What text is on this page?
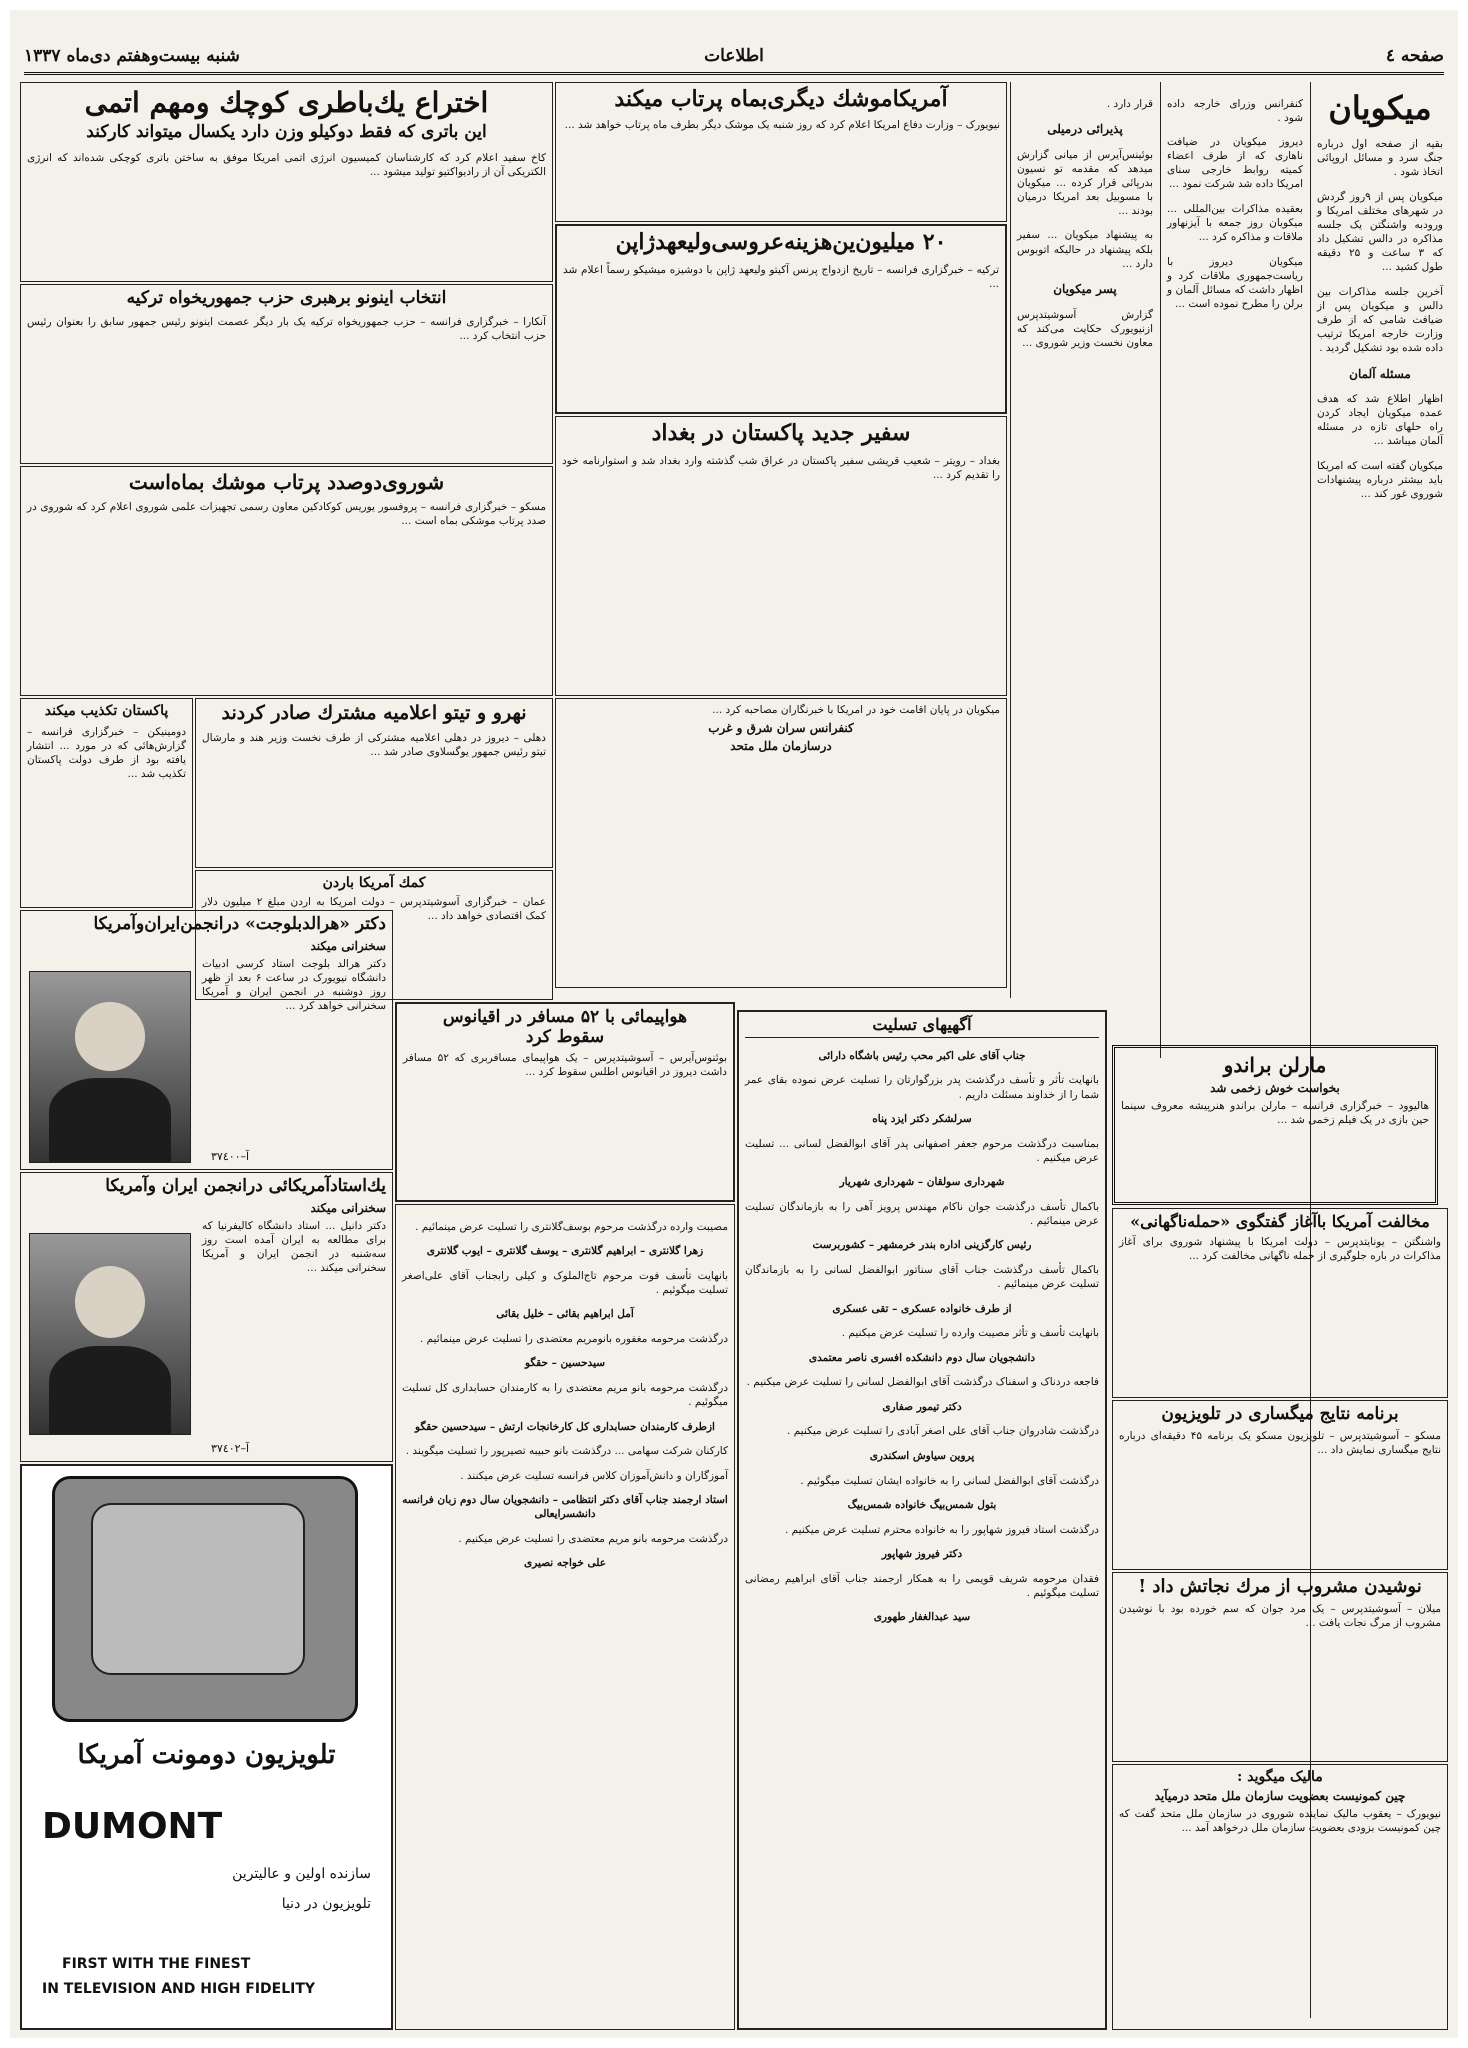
شنبه بیست‌وهفتم دی‌ماه ۱۳۳۷	اطلاعات	صفحه ٤
میکویان

بقیه از صفحه اول درباره جنگ سرد و مسائل اروپائی اتخاذ شود .

میکویان پس از ۹روز گردش در شهرهای مختلف امریکا و ورودبه واشنگتن یک جلسه مذاکره در دالس تشکیل داد که ۳ ساعت و ۲۵ دقیقه طول کشید ...

آخرین جلسه مذاکرات بین دالس و میکویان پس از ضیافت شامی که از طرف وزارت خارجه امریکا ترتیب داده شده بود تشکیل گردید .

مسئله آلمان

اظهار اطلاع شد که هدف عمده میکویان ایجاد کردن راه حلهای تازه در مسئله آلمان میباشد ...

میکویان گفته است که امریکا باید بیشتر درباره پیشنهادات شوروی غور کند ...

کنفرانس وزرای خارجه داده شود .

دیروز میکویان در ضیافت ناهاری که از طرف اعضاء کمیته روابط خارجی سنای امریکا داده شد شرکت نمود ...

بعقیده مذاکرات بین‌المللی ... میکویان روز جمعه با آیزنهاور ملاقات و مذاکره کرد ...

میکویان دیروز با ریاست‌جمهوری ملاقات کرد و اظهار داشت که مسائل آلمان و برلن را مطرح نموده است ...

قرار دارد .

پذیرائی درمیلی

بوئینس‌آیرس از میانی گزارش میدهد که مقدمه تو نسیون بدرپائی قرار کرده ... میکویان با مسوبیل بعد امریکا درمیان بودند ...

به پیشنهاد میکویان ... سفیر بلکه پیشنهاد در حالیکه اتوبوس دارد ...

پسر میکویان

گزارش آسوشیتدپرس ازنیویورک حکایت می‌کند که معاون نخست وزیر شوروی ...

آمریکاموشك دیگری‌بماه پرتاب میکند
نیویورک – وزارت دفاع امریکا اعلام کرد که روز شنبه یک موشک دیگر بطرف ماه پرتاب خواهد شد ...
اختراع یك‌باطری كوچك ومهم اتمی
این باتری که فقط دوکیلو وزن دارد یکسال میتواند کارکند
کاخ سفید اعلام کرد که کارشناسان کمیسیون انرژی اتمی امریکا موفق به ساختن باتری کوچکی شده‌اند که انرژی الکتریکی آن از رادیواکتیو تولید میشود ...
٢٠ میلیون‌ین‌هزینه‌عروسی‌ولیعهدژاپن
ترکیه – خبرگزاری فرانسه – تاریخ ازدواج پرنس آکیتو ولیعهد ژاپن با دوشیزه میشیکو رسماً اعلام شد ...
انتخاب اینونو برهبری حزب جمهوریخواه ترکیه
آنکارا – خبرگزاری فرانسه – حزب جمهوریخواه ترکیه یک بار دیگر عصمت اینونو رئیس جمهور سابق را بعنوان رئیس حزب انتخاب کرد ...
شوروی‌دوصدد پرتاب موشك بماه‌است
مسکو – خبرگزاری فرانسه – پروفسور یوریس کوکادکین معاون رسمی تجهیزات علمی شوروی اعلام کرد که شوروی در صدد پرتاب موشکی بماه است ...
سفیر جدید پاکستان در بغداد
بغداد – رویتر – شعیب قریشی سفیر پاکستان در عراق شب گذشته وارد بغداد شد و استوارنامه خود را تقدیم کرد ...
نهرو و تیتو اعلامیه مشترك صادر كردند
دهلی – دیروز در دهلی اعلامیه مشترکی از طرف نخست وزیر هند و مارشال تیتو رئیس جمهور یوگسلاوی صادر شد ...
پاکستان تکذیب میکند
دومینیکن – خبرگزاری فرانسه – گزارش‌هائی که در مورد ... انتشار یافته بود از طرف دولت پاکستان تکذیب شد ...
میکویان در پایان اقامت خود در امریکا با خبرنگاران مصاحبه کرد ...
کنفرانس سران شرق و غرب
درسازمان ملل متحد
کمك آمریکا باردن
عمان – خبرگزاری آسوشیتدپرس – دولت امریکا به اردن مبلغ ۲ میلیون دلار کمک اقتصادی خواهد داد ...
دکتر «هرالدبلوجت» درانجمن‌ایران‌وآمریکا
سخنرانی میکند
دکتر هرالد بلوجت استاد کرسی ادبیات دانشگاه نیویورک در ساعت ۶ بعد از ظهر روز دوشنبه در انجمن ایران و آمریکا سخنرانی خواهد کرد ...
آ–٣٧٤٠٠
هواپیمائی با ۵۲ مسافر در اقیانوس
سقوط کرد
بوئنوس‌آیرس – آسوشیتدپرس – یک هواپیمای مسافربری که ۵۲ مسافر داشت دیروز در اقیانوس اطلس سقوط کرد ...
آگهیهای تسلیت

جناب آقای علی اکبر محب رئیس باشگاه دارائی

بانهایت تأثر و تأسف درگذشت پدر بزرگوارتان را تسلیت عرض نموده بقای عمر شما را از خداوند مسئلت داریم .

سرلشکر دکتر ایزد پناه

بمناسبت درگذشت مرحوم جعفر اصفهانی پدر آقای ابوالفضل لسانی ... تسلیت عرض میکنیم .

شهرداری سولقان – شهرداری شهریار

باکمال تأسف درگذشت جوان ناکام مهندس پرویز آهی را به بازماندگان تسلیت عرض مینمائیم .

رئیس کارگزینی اداره بندر خرمشهر – کشوربرست

باکمال تأسف درگذشت جناب آقای سناتور ابوالفضل لسانی را به بازماندگان تسلیت عرض مینمائیم .

از طرف خانواده عسکری – تقی عسکری

بانهایت تأسف و تأثر مصیبت وارده را تسلیت عرض میکنیم .

دانشجویان سال دوم دانشکده افسری ناصر معتمدی

فاجعه دردناک و اسفناک درگذشت آقای ابوالفضل لسانی را تسلیت عرض میکنیم .

دکتر تیمور صفاری

درگذشت شادروان جناب آقای علی اصغر آبادی را تسلیت عرض میکنیم .

پروین سیاوش اسکندری

درگذشت آقای ابوالفضل لسانی را به خانواده ایشان تسلیت میگوئیم .

بتول شمس‌بیگ خانواده شمس‌بیگ

درگذشت استاد فیروز شهاپور را به خانواده محترم تسلیت عرض میکنیم .

دکتر فیروز شهاپور

فقدان مرحومه شریف قویمی را به همکار ارجمند جناب آقای ابراهیم رمضانی تسلیت میگوئیم .

سید عبدالغفار طهوری

مصیبت وارده درگذشت مرحوم بوسف‌گلانتری را تسلیت عرض مینمائیم .

زهرا گلانتری – ابراهیم گلانتری – یوسف گلانتری – ایوب گلانتری

بانهایت تأسف فوت مرحوم تاج‌الملوک و کیلی رابجناب آقای علی‌اصغر تسلیت میگوئیم .

آمل ابراهیم بقائی – خلیل بقائی

درگذشت مرحومه مغفوره بانومریم معتضدی را تسلیت عرض مینمائیم .

سیدحسین – حقگو

درگذشت مرحومه بانو مریم معتضدی را به کارمندان حسابداری کل تسلیت میگوئیم .

ازطرف کارمندان حسابداری کل کارخانجات ارتش – سیدحسین حقگو

کارکنان شرکت سهامی ... درگذشت بانو حبیبه تصیرپور را تسلیت میگویند .

آموزگاران و دانش‌آموزان کلاس فرانسه تسلیت عرض میکنند .

استاد ارجمند جناب آقای دکتر انتظامی – دانشجویان سال دوم زبان فرانسه دانشسرایعالی

درگذشت مرحومه بانو مریم معتضدی را تسلیت عرض میکنیم .

علی خواجه نصیری

مارلن براندو
بخواست خوش زخمی شد
هالیوود – خبرگزاری فرانسه – مارلن براندو هنرپیشه معروف سینما حین بازی در یک فیلم زخمی شد ...
مخالفت آمریکا باآغاز گفتگوی «حمله‌ناگهانی»
واشنگتن – یونایتدپرس – دولت امریکا با پیشنهاد شوروی برای آغاز مذاکرات در باره جلوگیری از حمله ناگهانی مخالفت کرد ...
برنامه نتایج میگساری در تلویزیون
مسکو – آسوشیتدپرس – تلویزیون مسکو یک برنامه ۴۵ دقیقه‌ای درباره نتایج میگساری نمایش داد ...
نوشیدن مشروب از مرك نجاتش داد !
میلان – آسوشیتدپرس – یک مرد جوان که سم خورده بود با نوشیدن مشروب از مرگ نجات یافت ...
مالیک میگوید :
چین کمونیست بعضویت سازمان ملل متحد درمیآید
نیویورک – یعقوب مالیک نماینده شوروی در سازمان ملل متحد گفت که چین کمونیست بزودی بعضویت سازمان ملل درخواهد آمد ...
یك‌استادآمریكائی درانجمن ایران وآمریکا
سخنرانی میکند
دکتر دانیل ... استاد دانشگاه کالیفرنیا که برای مطالعه به ایران آمده است روز سه‌شنبه در انجمن ایران و آمریکا سخنرانی میکند ...
آ–٣٧٤٠٢
تلویزیون دومونت آمریکا
DUMONT
سازنده اولین و عالیترین
تلویزیون در دنیا
FIRST WITH THE FINEST
IN TELEVISION AND HIGH FIDELITY
